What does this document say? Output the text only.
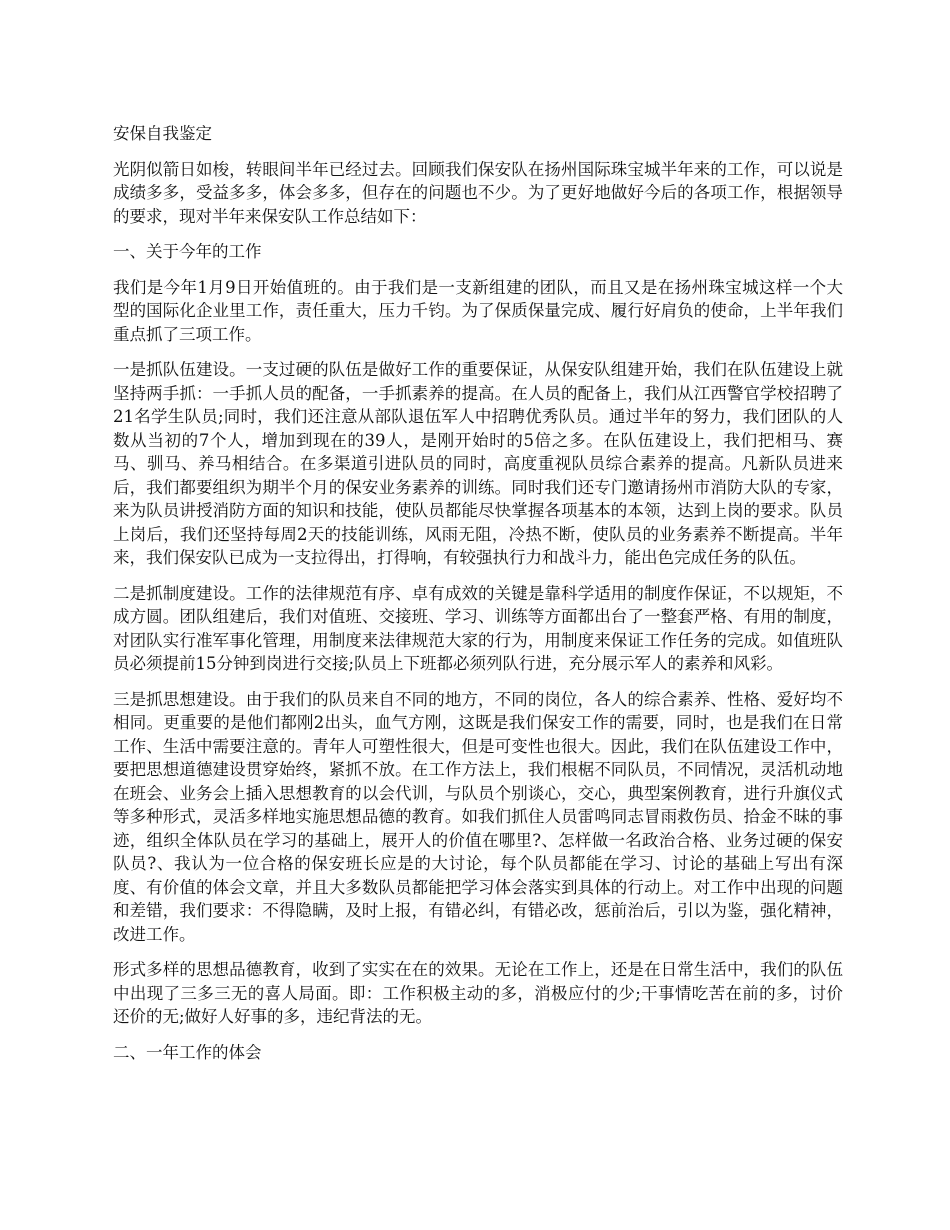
安保自我鉴定

光阴似箭日如梭，转眼间半年已经过去。回顾我们保安队在扬州国际珠宝城半年来的工作，可以说是成绩多多，受益多多，体会多多，但存在的问题也不少。为了更好地做好今后的各项工作，根据领导的要求，现对半年来保安队工作总结如下：

一、关于今年的工作

我们是今年1月9日开始值班的。由于我们是一支新组建的团队，而且又是在扬州珠宝城这样一个大型的国际化企业里工作，责任重大，压力千钧。为了保质保量完成、履行好肩负的使命，上半年我们重点抓了三项工作。

一是抓队伍建设。一支过硬的队伍是做好工作的重要保证，从保安队组建开始，我们在队伍建设上就坚持两手抓：一手抓人员的配备，一手抓素养的提高。在人员的配备上，我们从江西警官学校招聘了21名学生队员;同时，我们还注意从部队退伍军人中招聘优秀队员。通过半年的努力，我们团队的人数从当初的7个人，增加到现在的39人，是刚开始时的5倍之多。在队伍建设上，我们把相马、赛马、驯马、养马相结合。在多渠道引进队员的同时，高度重视队员综合素养的提高。凡新队员进来后，我们都要组织为期半个月的保安业务素养的训练。同时我们还专门邀请扬州市消防大队的专家，来为队员讲授消防方面的知识和技能，使队员都能尽快掌握各项基本的本领，达到上岗的要求。队员上岗后，我们还坚持每周2天的技能训练，风雨无阻，冷热不断，使队员的业务素养不断提高。半年来，我们保安队已成为一支拉得出，打得响，有较强执行力和战斗力，能出色完成任务的队伍。

二是抓制度建设。工作的法律规范有序、卓有成效的关键是靠科学适用的制度作保证，不以规矩，不成方圆。团队组建后，我们对值班、交接班、学习、训练等方面都出台了一整套严格、有用的制度，对团队实行准军事化管理，用制度来法律规范大家的行为，用制度来保证工作任务的完成。如值班队员必须提前15分钟到岗进行交接;队员上下班都必须列队行进，充分展示军人的素养和风彩。

三是抓思想建设。由于我们的队员来自不同的地方，不同的岗位，各人的综合素养、性格、爱好均不相同。更重要的是他们都刚2出头，血气方刚，这既是我们保安工作的需要，同时，也是我们在日常工作、生活中需要注意的。青年人可塑性很大，但是可变性也很大。因此，我们在队伍建设工作中，要把思想道德建设贯穿始终，紧抓不放。在工作方法上，我们根椐不同队员，不同情况，灵活机动地在班会、业务会上插入思想教育的以会代训，与队员个别谈心，交心，典型案例教育，进行升旗仪式等多种形式，灵活多样地实施思想品德的教育。如我们抓住人员雷鸣同志冒雨救伤员、拾金不昧的事迹，组织全体队员在学习的基础上，展开人的价值在哪里?、怎样做一名政治合格、业务过硬的保安队员?、我认为一位合格的保安班长应是的大讨论，每个队员都能在学习、讨论的基础上写出有深度、有价值的体会文章，并且大多数队员都能把学习体会落实到具体的行动上。对工作中出现的问题和差错，我们要求：不得隐瞒，及时上报，有错必纠，有错必改，惩前治后，引以为鉴，强化精神，改进工作。

形式多样的思想品德教育，收到了实实在在的效果。无论在工作上，还是在日常生活中，我们的队伍中出现了三多三无的喜人局面。即：工作积极主动的多，消极应付的少;干事情吃苦在前的多，讨价还价的无;做好人好事的多，违纪背法的无。

二、一年工作的体会
